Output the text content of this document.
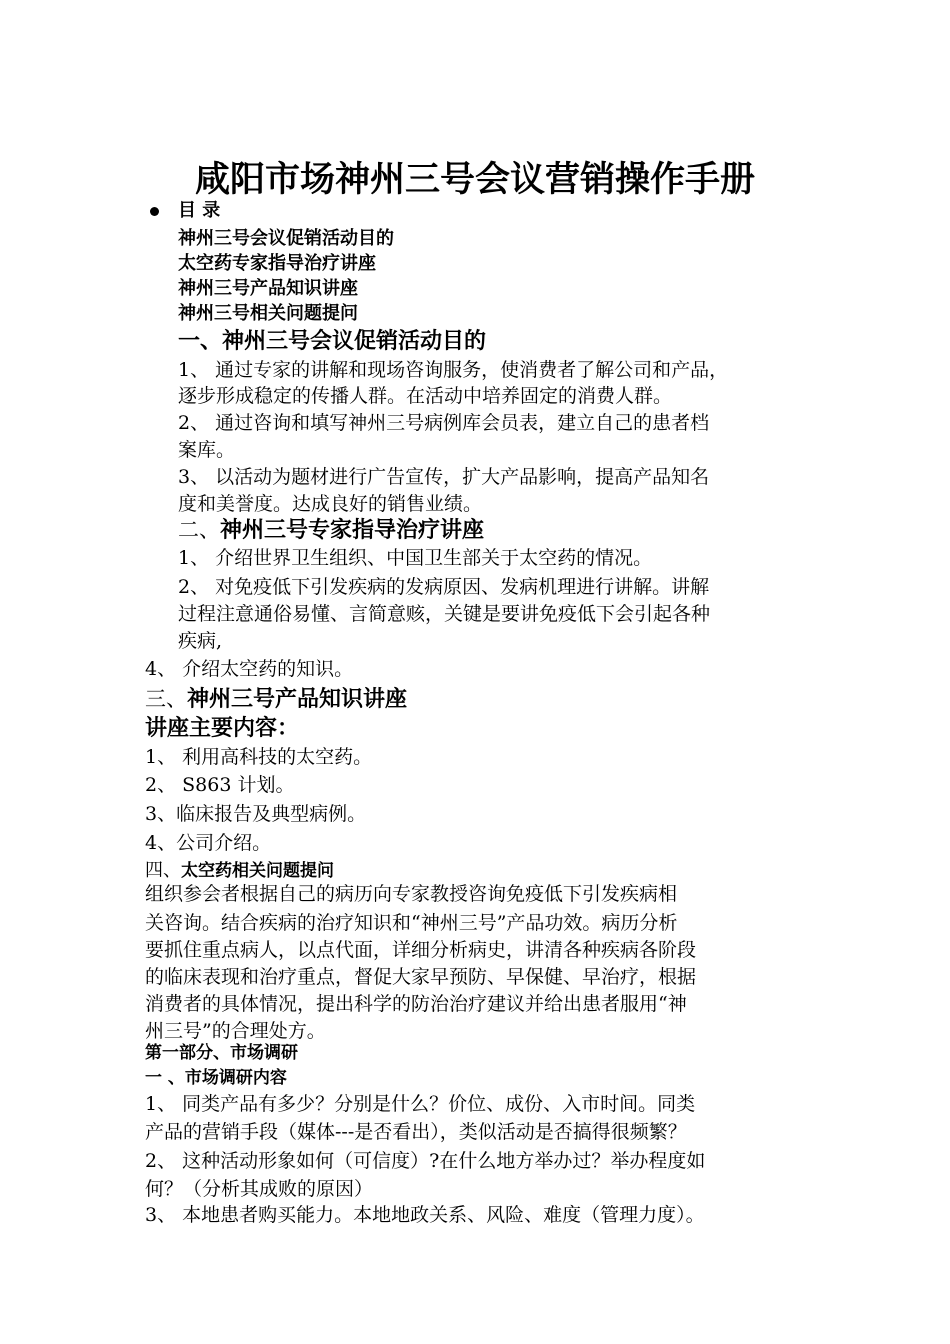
咸阳市场神州三号会议营销操作手册
目 录
神州三号会议促销活动目的
太空药专家指导治疗讲座
神州三号产品知识讲座
神州三号相关问题提问
一、神州三号会议促销活动目的
1、 通过专家的讲解和现场咨询服务，使消费者了解公司和产品，
逐步形成稳定的传播人群。在活动中培养固定的消费人群。
2、 通过咨询和填写神州三号病例库会员表，建立自己的患者档
案库。
3、 以活动为题材进行广告宣传，扩大产品影响，提高产品知名
度和美誉度。达成良好的销售业绩。
二、神州三号专家指导治疗讲座
1、 介绍世界卫生组织、中国卫生部关于太空药的情况。
2、 对免疫低下引发疾病的发病原因、发病机理进行讲解。讲解
过程注意通俗易懂、言简意赅，关键是要讲免疫低下会引起各种
疾病,
4、 介绍太空药的知识。
三、神州三号产品知识讲座
讲座主要内容：
1、 利用高科技的太空药。
2、 S863 计划。
3、临床报告及典型病例。
4、公司介绍。
四、太空药相关问题提问
组织参会者根据自己的病历向专家教授咨询免疫低下引发疾病相
关咨询。结合疾病的治疗知识和“神州三号”产品功效。病历分析
要抓住重点病人，以点代面，详细分析病史，讲清各种疾病各阶段
的临床表现和治疗重点，督促大家早预防、早保健、早治疗，根据
消费者的具体情况，提出科学的防治治疗建议并给出患者服用“神
州三号”的合理处方。
第一部分、市场调研
一 、市场调研内容
1、 同类产品有多少？分别是什么？价位、成份、入市时间。同类
产品的营销手段（媒体---是否看出），类似活动是否搞得很频繁？
2、 这种活动形象如何（可信度）?在什么地方举办过？举办程度如
何？（分析其成败的原因）
3、 本地患者购买能力。本地地政关系、风险、难度（管理力度）。
